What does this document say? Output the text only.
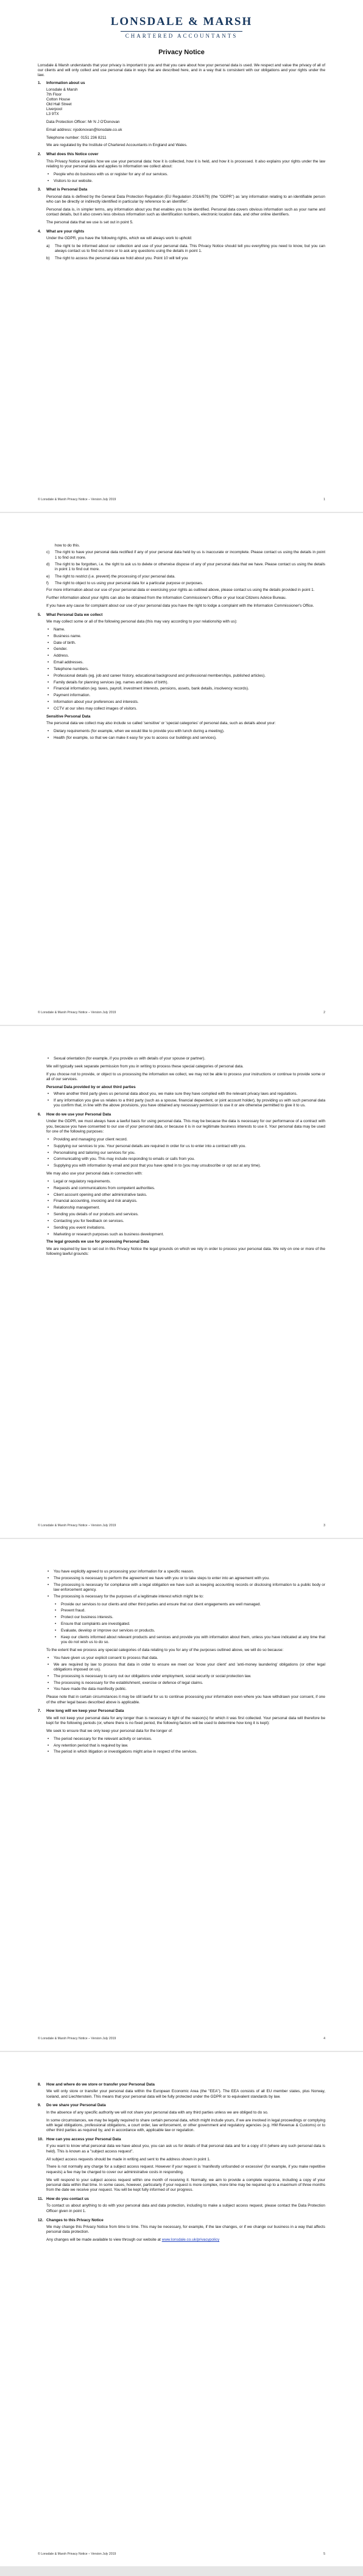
LONSDALE & MARSH
CHARTERED ACCOUNTANTS
Privacy Notice

Lonsdale & Marsh understands that your privacy is important to you and that you care about how your personal data is used. We respect and value the privacy of all of our clients and will only collect and use personal data in ways that are described here, and in a way that is consistent with our obligations and your rights under the law.

1.	Information about us
Lonsdale & Marsh
7th Floor
Cotton House
Old Hall Street
Liverpool
L3 9TX

Data Protection Officer: Mr N J O'Donovan

Email address: njodonovan@lonsdale.co.uk

Telephone number: 0151 236 8211

We are regulated by the Institute of Chartered Accountants in England and Wales.

2.	What does this Notice cover

This Privacy Notice explains how we use your personal data: how it is collected, how it is held, and how it is processed. It also explains your rights under the law relating to your personal data and applies to information we collect about:

• People who do business with us or register for any of our services.
• Visitors to our website.
3.	What is Personal Data

Personal data is defined by the General Data Protection Regulation (EU Regulation 2016/679) (the "GDPR") as 'any information relating to an identifiable person who can be directly or indirectly identified in particular by reference to an identifier'.

Personal data is, in simpler terms, any information about you that enables you to be identified. Personal data covers obvious information such as your name and contact details, but it also covers less obvious information such as identification numbers, electronic location data, and other online identifiers.

The personal data that we use is set out in point 5.

4.	What are your rights

Under the GDPR, you have the following rights, which we will always work to uphold:

a)	The right to be informed about our collection and use of your personal data. This Privacy Notice should tell you everything you need to know, but you can always contact us to find out more or to ask any questions using the details in point 1.
b)	The right to access the personal data we hold about you. Point 10 will tell you
© Lonsdale & Marsh Privacy Notice – Version July 2019	1
how to do this.
c)	The right to have your personal data rectified if any of your personal data held by us is inaccurate or incomplete. Please contact us using the details in point 1 to find out more.
d)	The right to be forgotten, i.e. the right to ask us to delete or otherwise dispose of any of your personal data that we have. Please contact us using the details in point 1 to find out more.
e)	The right to restrict (i.e. prevent) the processing of your personal data.
f)	The right to object to us using your personal data for a particular purpose or purposes.

For more information about our use of your personal data or exercising your rights as outlined above, please contact us using the details provided in point 1.

Further information about your rights can also be obtained from the Information Commissioner's Office or your local Citizens Advice Bureau.

If you have any cause for complaint about our use of your personal data you have the right to lodge a complaint with the Information Commissioner's Office.

5.	What Personal Data we collect

We may collect some or all of the following personal data (this may vary according to your relationship with us):

• Name.
• Business name.
• Date of birth.
• Gender.
• Address.
• Email addresses.
• Telephone numbers.
• Professional details (eg. job and career history, educational background and professional memberships, published articles).
• Family details for planning services (eg. names and dates of birth).
• Financial information (eg. taxes, payroll, investment interests, pensions, assets, bank details, insolvency records).
• Payment information.
• Information about your preferences and interests.
• CCTV at our sites may collect images of visitors.
Sensitive Personal Data

The personal data we collect may also include so called 'sensitive' or 'special categories' of personal data, such as details about your:

• Dietary requirements (for example, when we would like to provide you with lunch during a meeting).
• Health (for example, so that we can make it easy for you to access our buildings and services).
© Lonsdale & Marsh Privacy Notice – Version July 2019	2
• Sexual orientation (for example, if you provide us with details of your spouse or partner).

We will typically seek separate permission from you in writing to process these special categories of personal data.

If you choose not to provide, or object to us processing the information we collect, we may not be able to process your instructions or continue to provide some or all of our services.

Personal Data provided by or about third parties
• Where another third party gives us personal data about you, we make sure they have complied with the relevant privacy laws and regulations.
• If any information you give us relates to a third party (such as a spouse, financial dependent, or joint account holder), by providing us with such personal data you confirm that, in line with the above provisions, you have obtained any necessary permission to use it or are otherwise permitted to give it to us.
6.	How do we use your Personal Data

Under the GDPR, we must always have a lawful basis for using personal data. This may be because the data is necessary for our performance of a contract with you, because you have consented to our use of your personal data, or because it is in our legitimate business interests to use it. Your personal data may be used for one of the following purposes:

• Providing and managing your client record.
• Supplying our services to you. Your personal details are required in order for us to enter into a contract with you.
• Personalising and tailoring our services for you.
• Communicating with you. This may include responding to emails or calls from you.
• Supplying you with information by email and post that you have opted in to (you may unsubscribe or opt out at any time).

We may also use your personal data in connection with:

• Legal or regulatory requirements.
• Requests and communications from competent authorities.
• Client account opening and other administrative tasks.
• Financial accounting, invoicing and risk analysis.
• Relationship management.
• Sending you details of our products and services.
• Contacting you for feedback on services.
• Sending you event invitations.
• Marketing or research purposes such as business development.
The legal grounds we use for processing Personal Data

We are required by law to set out in this Privacy Notice the legal grounds on which we rely in order to process your personal data. We rely on one or more of the following lawful grounds:

© Lonsdale & Marsh Privacy Notice – Version July 2019	3
• You have explicitly agreed to us processing your information for a specific reason.
• The processing is necessary to perform the agreement we have with you or to take steps to enter into an agreement with you.
• The processing is necessary for compliance with a legal obligation we have such as keeping accounting records or disclosing information to a public body or law enforcement agency.
• The processing is necessary for the purposes of a legitimate interest which might be to:
• Provide our services to our clients and other third parties and ensure that our client engagements are well managed.
• Prevent fraud.
• Protect our business interests.
• Ensure that complaints are investigated.
• Evaluate, develop or improve our services or products.
• Keep our clients informed about relevant products and services and provide you with information about them, unless you have indicated at any time that you do not wish us to do so.

To the extent that we process any special categories of data relating to you for any of the purposes outlined above, we will do so because:

• You have given us your explicit consent to process that data.
• We are required by law to process that data in order to ensure we meet our 'know your client' and 'anti-money laundering' obligations (or other legal obligations imposed on us).
• The processing is necessary to carry out our obligations under employment, social security or social protection law.
• The processing is necessary for the establishment, exercise or defence of legal claims.
• You have made the data manifestly public.

Please note that in certain circumstances it may be still lawful for us to continue processing your information even where you have withdrawn your consent, if one of the other legal bases described above is applicable.

7.	How long will we keep your Personal Data

We will not keep your personal data for any longer than is necessary in light of the reason(s) for which it was first collected. Your personal data will therefore be kept for the following periods (or, where there is no fixed period, the following factors will be used to determine how long it is kept):

We seek to ensure that we only keep your personal data for the longer of:

• The period necessary for the relevant activity or services.
• Any retention period that is required by law.
• The period in which litigation or investigations might arise in respect of the services.
© Lonsdale & Marsh Privacy Notice – Version July 2019	4
8.	How and where do we store or transfer your Personal Data

We will only store or transfer your personal data within the European Economic Area (the "EEA"). The EEA consists of all EU member states, plus Norway, Iceland, and Liechtenstein. This means that your personal data will be fully protected under the GDPR or to equivalent standards by law.

9.	Do we share your Personal Data

In the absence of any specific authority we will not share your personal data with any third parties unless we are obliged to do so.

In some circumstances, we may be legally required to share certain personal data, which might include yours, if we are involved in legal proceedings or complying with legal obligations, professional obligations, a court order, law enforcement, or other government and regulatory agencies (e.g. HM Revenue & Customs) or to other third parties as required by, and in accordance with, applicable law or regulation.

10. How can you access your Personal Data

If you want to know what personal data we have about you, you can ask us for details of that personal data and for a copy of it (where any such personal data is held). This is known as a "subject access request".

All subject access requests should be made in writing and sent to the address shown in point 1.

There is not normally any charge for a subject access request. However if your request is 'manifestly unfounded or excessive' (for example, if you make repetitive requests) a fee may be charged to cover our administrative costs in responding.

We will respond to your subject access request within one month of receiving it. Normally, we aim to provide a complete response, including a copy of your personal data within that time. In some cases, however, particularly if your request is more complex, more time may be required up to a maximum of three months from the date we receive your request. You will be kept fully informed of our progress.

11. How do you contact us

To contact us about anything to do with your personal data and data protection, including to make a subject access request, please contact the Data Protection Officer given in point 1.

12. Changes to this Privacy Notice

We may change this Privacy Notice from time to time. This may be necessary, for example, if the law changes, or if we change our business in a way that affects personal data protection.

Any changes will be made available to view through our website at www.lonsdale.co.uk/privacypolicy

© Lonsdale & Marsh Privacy Notice – Version July 2019	5
